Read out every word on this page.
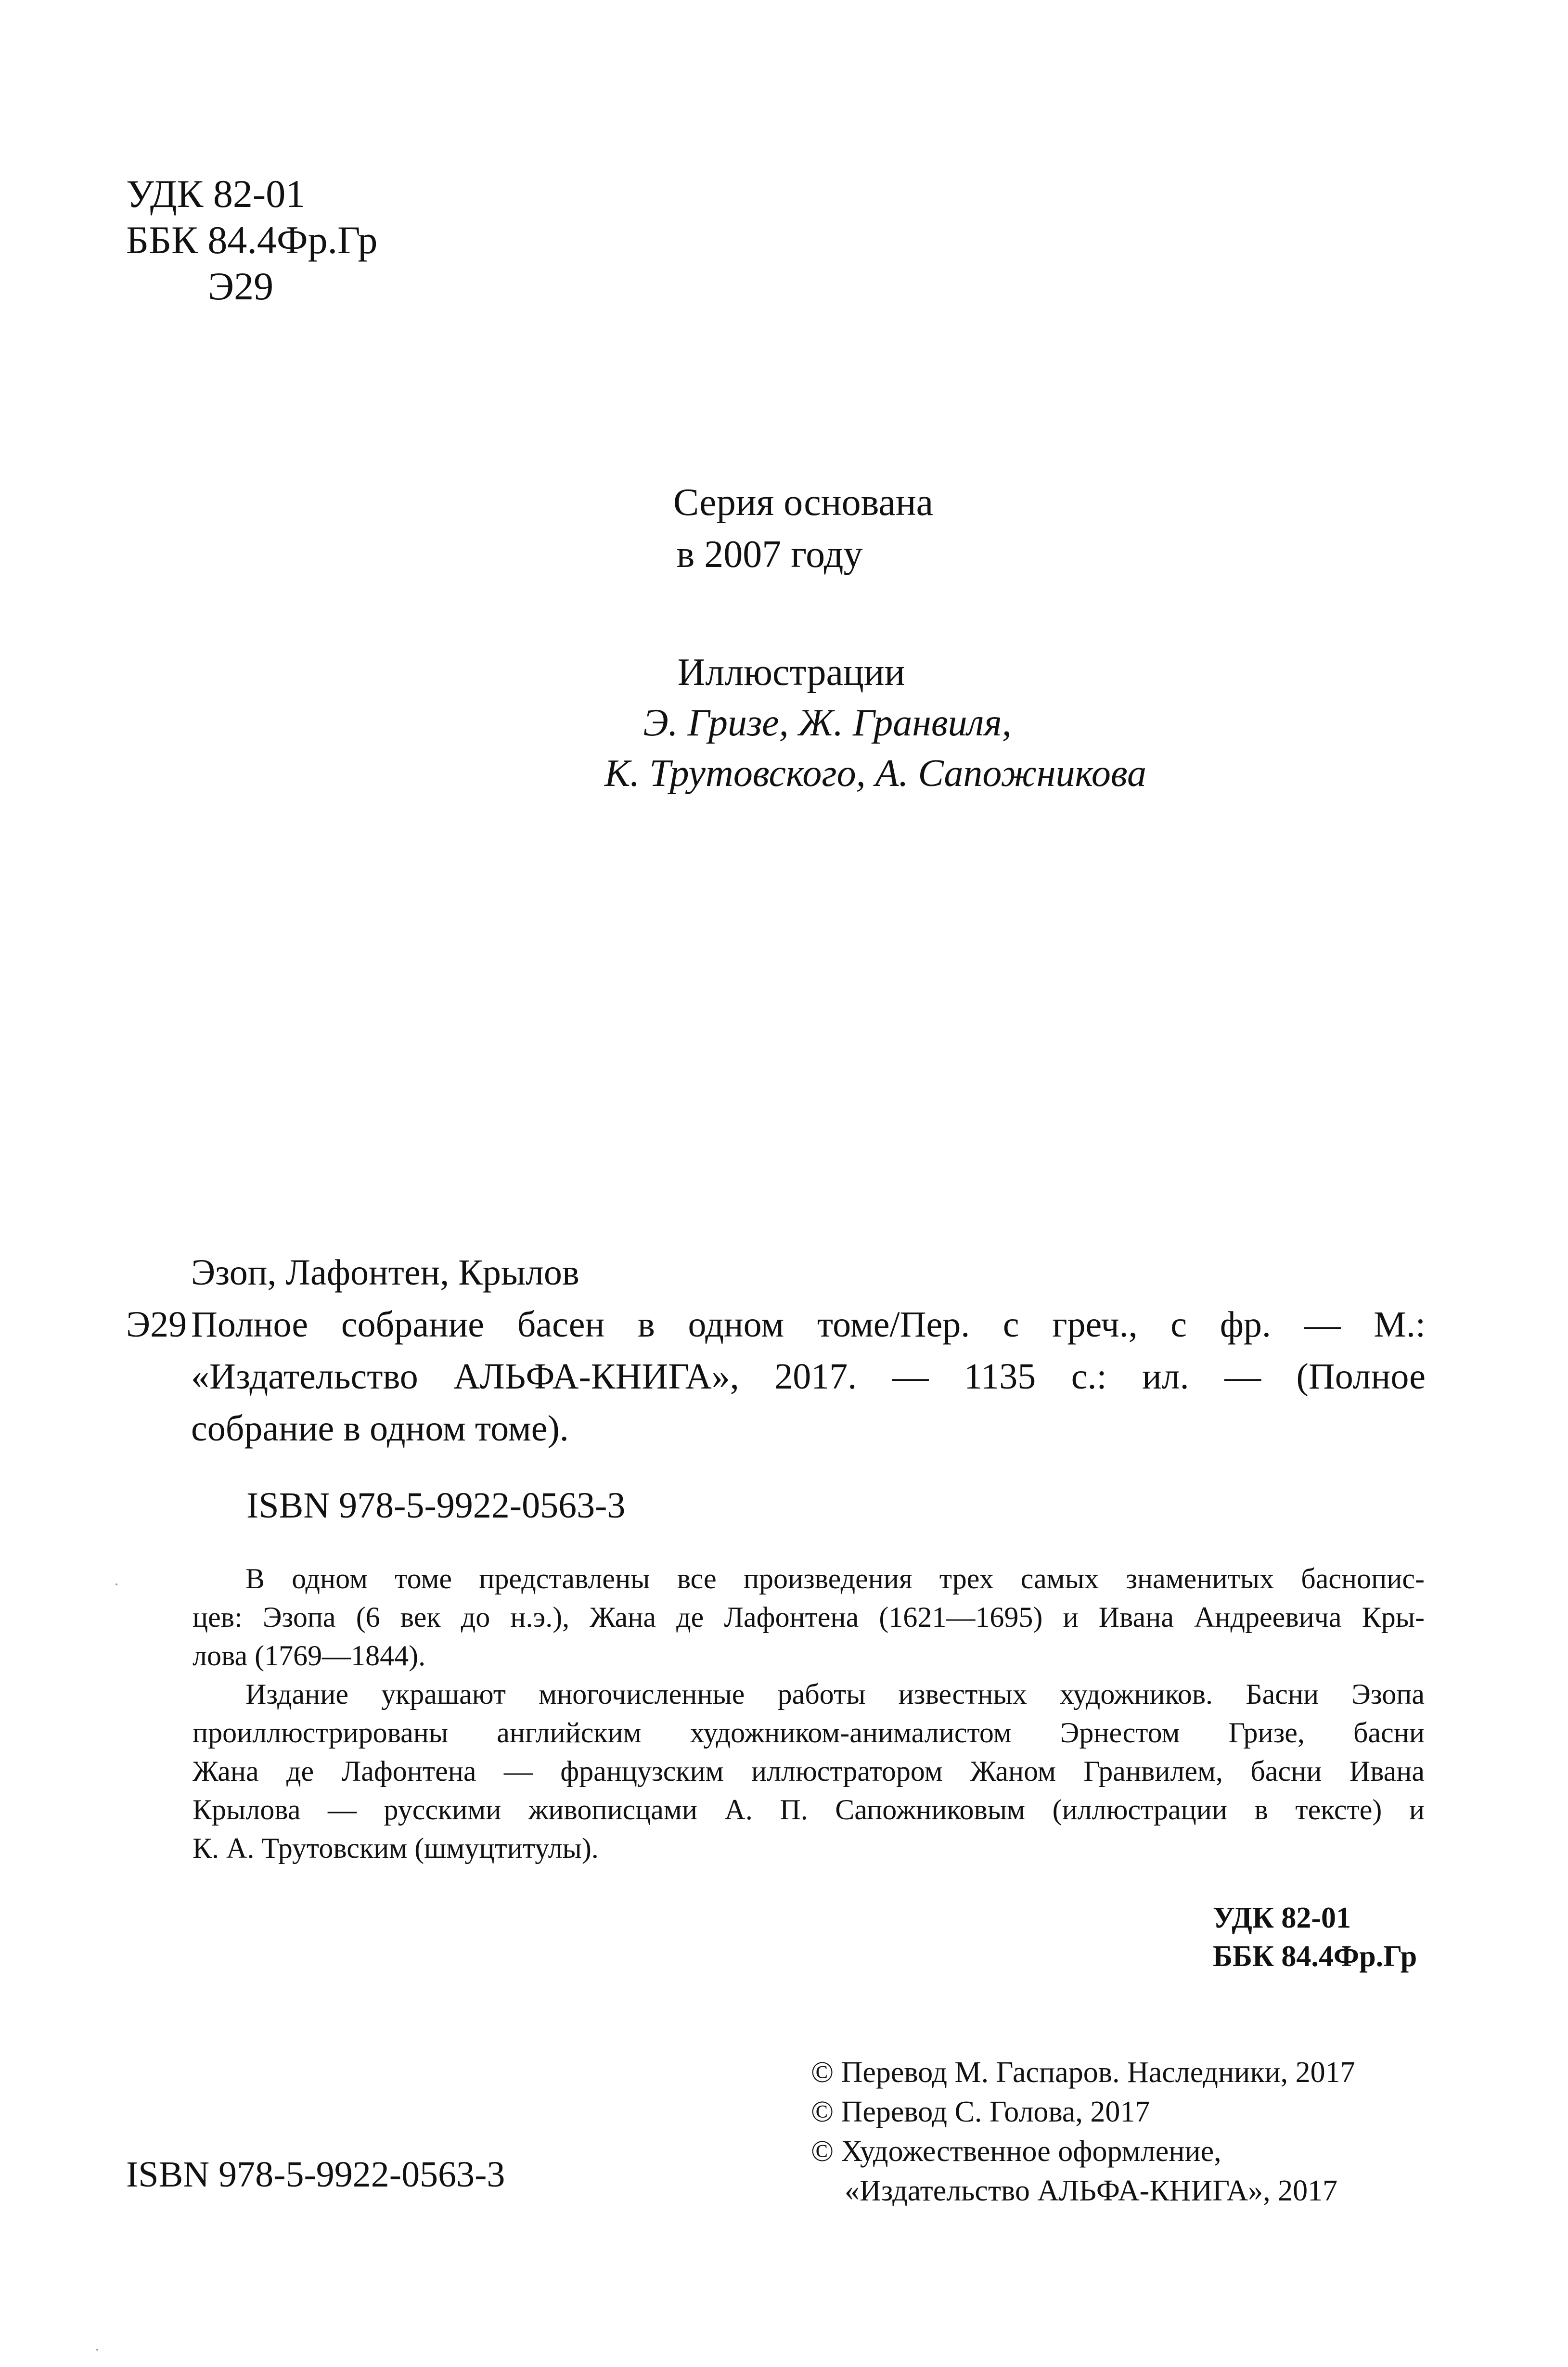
УДК 82-01
ББК 84.4Фр.Гр
Э29
Серия основана
в 2007 году
Иллюстрации
Э. Гризе, Ж. Гранвиля,
К. Трутовского, А. Сапожникова
Эзоп, Лафонтен, Крылов
Э29 Полное собрание басен в одном томе/Пер. с греч., с фр. — М.:
«Издательство АЛЬФА-КНИГА», 2017. — 1135 с.: ил. — (Полное
собрание в одном томе).
ISBN 978-5-9922-0563-3

В одном томе представлены все произведения трех самых знаменитых баснопис-
цев: Эзопа (6 век до н.э.), Жана де Лафонтена (1621—1695) и Ивана Андреевича Кры-
лова (1769—1844).

Издание украшают многочисленные работы известных художников. Басни Эзопа
проиллюстрированы английским художником-анималистом Эрнестом Гризе, басни
Жана де Лафонтена — французским иллюстратором Жаном Гранвилем, басни Ивана
Крылова — русскими живописцами А. П. Сапожниковым (иллюстрации в тексте) и
К. А. Трутовским (шмуцтитулы).

УДК 82-01
ББК 84.4Фр.Гр
© Перевод М. Гаспаров. Наследники, 2017
© Перевод С. Голова, 2017
© Художественное оформление,
«Издательство АЛЬФА-КНИГА», 2017
ISBN 978-5-9922-0563-3
